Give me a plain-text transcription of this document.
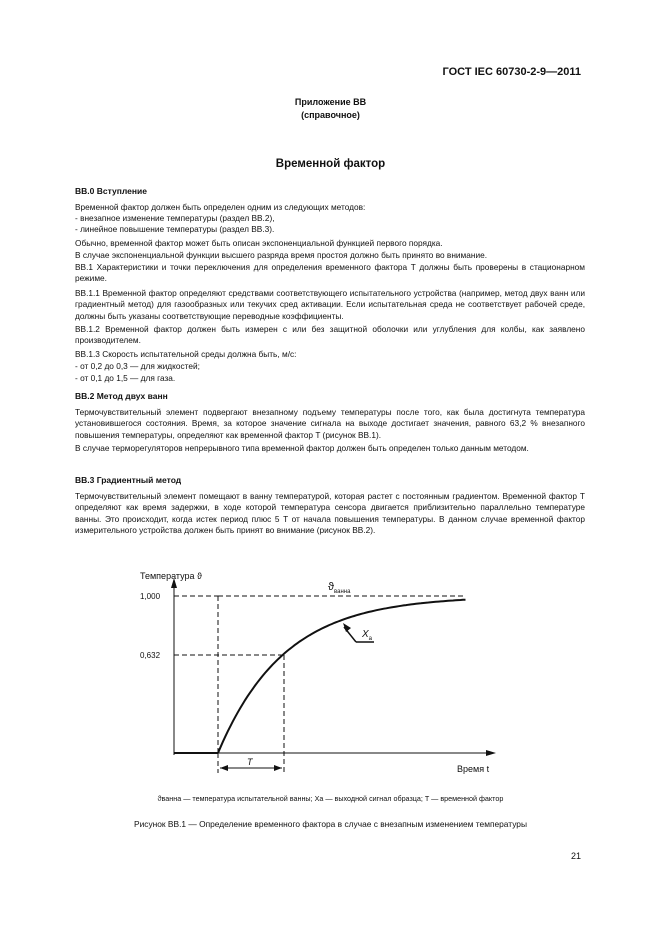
ГОСТ IEC 60730-2-9—2011
Приложение ВВ
(справочное)
Временной фактор
ВВ.0 Вступление
Временной фактор должен быть определен одним из следующих методов:
- внезапное изменение температуры (раздел ВВ.2),
- линейное повышение температуры (раздел ВВ.3).
Обычно, временной фактор может быть описан экспоненциальной функцией первого порядка.
В случае экспоненциальной функции высшего разряда время простоя должно быть принято во внимание.
ВВ.1 Характеристики и точки переключения для определения временного фактора T должны быть проверены в стационарном режиме.
ВВ.1.1 Временной фактор определяют средствами соответствующего испытательного устройства (например, метод двух ванн или градиентный метод) для газообразных или текучих сред активации. Если испытательная среда не соответствует рабочей среде, должны быть указаны соответствующие переводные коэффициенты.
ВВ.1.2 Временной фактор должен быть измерен с или без защитной оболочки или углубления для колбы, как заявлено производителем.
ВВ.1.3 Скорость испытательной среды должна быть, м/с:
- от 0,2 до 0,3 — для жидкостей;
- от 0,1 до 1,5 — для газа.
ВВ.2 Метод двух ванн
Термочувствительный элемент подвергают внезапному подъему температуры после того, как была достигнута температура установившегося состояния. Время, за которое значение сигнала на выходе достигает значения, равного 63,2 % внезапного повышения температуры, определяют как временной фактор T (рисунок ВВ.1).
В случае терморегуляторов непрерывного типа временной фактор должен быть определен только данным методом.
ВВ.3 Градиентный метод
Термочувствительный элемент помещают в ванну температурой, которая растет с постоянным градиентом. Временной фактор T определяют как время задержки, в ходе которой температура сенсора двигается приблизительно параллельно температуре ванны. Это происходит, когда истек период плюс 5 T от начала повышения температуры. В данном случае временной фактор измерительного устройства должен быть принят во внимание (рисунок ВВ.2).
Температура ϑ
Время t
1,000
0,632
T
$ϑ_{ванна}$
$X_a$
ϑванна — температура испытательной ванны; Xa — выходной сигнал образца; T — временной фактор
Рисунок ВВ.1 — Определение временного фактора в случае с внезапным изменением температуры
21
